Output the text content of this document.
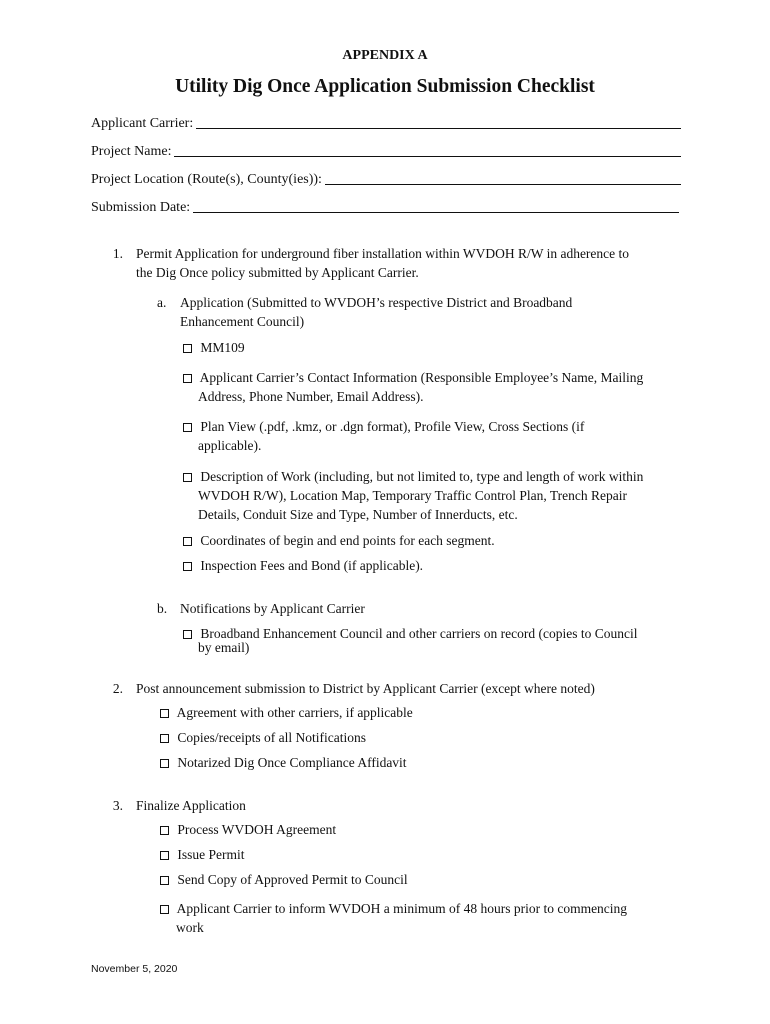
APPENDIX A
Utility Dig Once Application Submission Checklist
Applicant Carrier:
Project Name:
Project Location (Route(s), County(ies)):
Submission Date:
1. Permit Application for underground fiber installation within WVDOH R/W in adherence to
the Dig Once policy submitted by Applicant Carrier.
a. Application (Submitted to WVDOH’s respective District and Broadband
Enhancement Council)
MM109
Applicant Carrier’s Contact Information (Responsible Employee’s Name, Mailing
Address, Phone Number, Email Address).
Plan View (.pdf, .kmz, or .dgn format), Profile View, Cross Sections (if
applicable).
Description of Work (including, but not limited to, type and length of work within
WVDOH R/W), Location Map, Temporary Traffic Control Plan, Trench Repair
Details, Conduit Size and Type, Number of Innerducts, etc.
Coordinates of begin and end points for each segment.
Inspection Fees and Bond (if applicable).
b. Notifications by Applicant Carrier
Broadband Enhancement Council and other carriers on record (copies to Council
by email)
2. Post announcement submission to District by Applicant Carrier (except where noted)
Agreement with other carriers, if applicable
Copies/receipts of all Notifications
Notarized Dig Once Compliance Affidavit
3. Finalize Application
Process WVDOH Agreement
Issue Permit
Send Copy of Approved Permit to Council
Applicant Carrier to inform WVDOH a minimum of 48 hours prior to commencing
work
November 5, 2020
